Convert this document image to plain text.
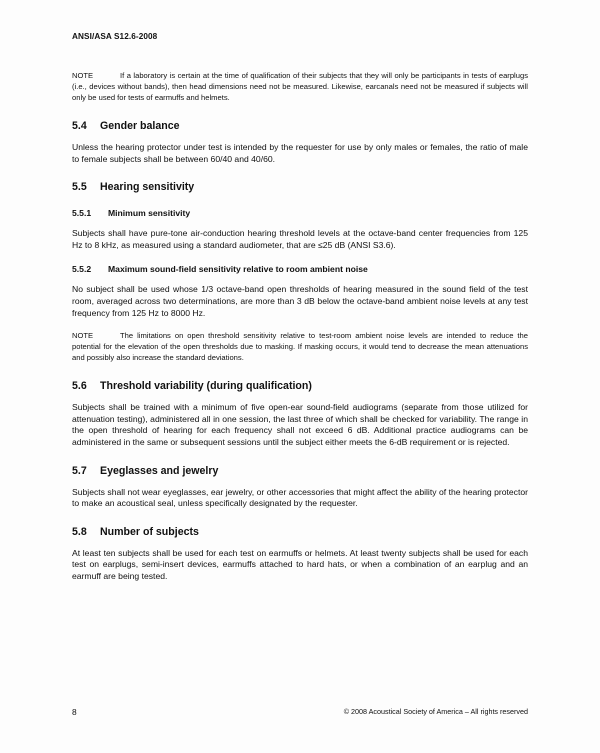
ANSI/ASA S12.6-2008

NOTE	If a laboratory is certain at the time of qualification of their subjects that they will only be participants in tests of earplugs (i.e., devices without bands), then head dimensions need not be measured. Likewise, earcanals need not be measured if subjects will only be used for tests of earmuffs and helmets.

5.4 Gender balance

Unless the hearing protector under test is intended by the requester for use by only males or females, the ratio of male to female subjects shall be between 60/40 and 40/60.

5.5 Hearing sensitivity
5.5.1 Minimum sensitivity

Subjects shall have pure-tone air-conduction hearing threshold levels at the octave-band center frequencies from 125 Hz to 8 kHz, as measured using a standard audiometer, that are ≤25 dB (ANSI S3.6).

5.5.2 Maximum sound-field sensitivity relative to room ambient noise

No subject shall be used whose 1/3 octave-band open thresholds of hearing measured in the sound field of the test room, averaged across two determinations, are more than 3 dB below the octave-band ambient noise levels at any test frequency from 125 Hz to 8000 Hz.

NOTE	The limitations on open threshold sensitivity relative to test-room ambient noise levels are intended to reduce the potential for the elevation of the open thresholds due to masking. If masking occurs, it would tend to decrease the mean attenuations and possibly also increase the standard deviations.

5.6 Threshold variability (during qualification)

Subjects shall be trained with a minimum of five open-ear sound-field audiograms (separate from those utilized for attenuation testing), administered all in one session, the last three of which shall be checked for variability. The range in the open threshold of hearing for each frequency shall not exceed 6 dB. Additional practice audiograms can be administered in the same or subsequent sessions until the subject either meets the 6-dB requirement or is rejected.

5.7 Eyeglasses and jewelry

Subjects shall not wear eyeglasses, ear jewelry, or other accessories that might affect the ability of the hearing protector to make an acoustical seal, unless specifically designated by the requester.

5.8 Number of subjects

At least ten subjects shall be used for each test on earmuffs or helmets. At least twenty subjects shall be used for each test on earplugs, semi-insert devices, earmuffs attached to hard hats, or when a combination of an earplug and an earmuff are being tested.

8	© 2008 Acoustical Society of America – All rights reserved
